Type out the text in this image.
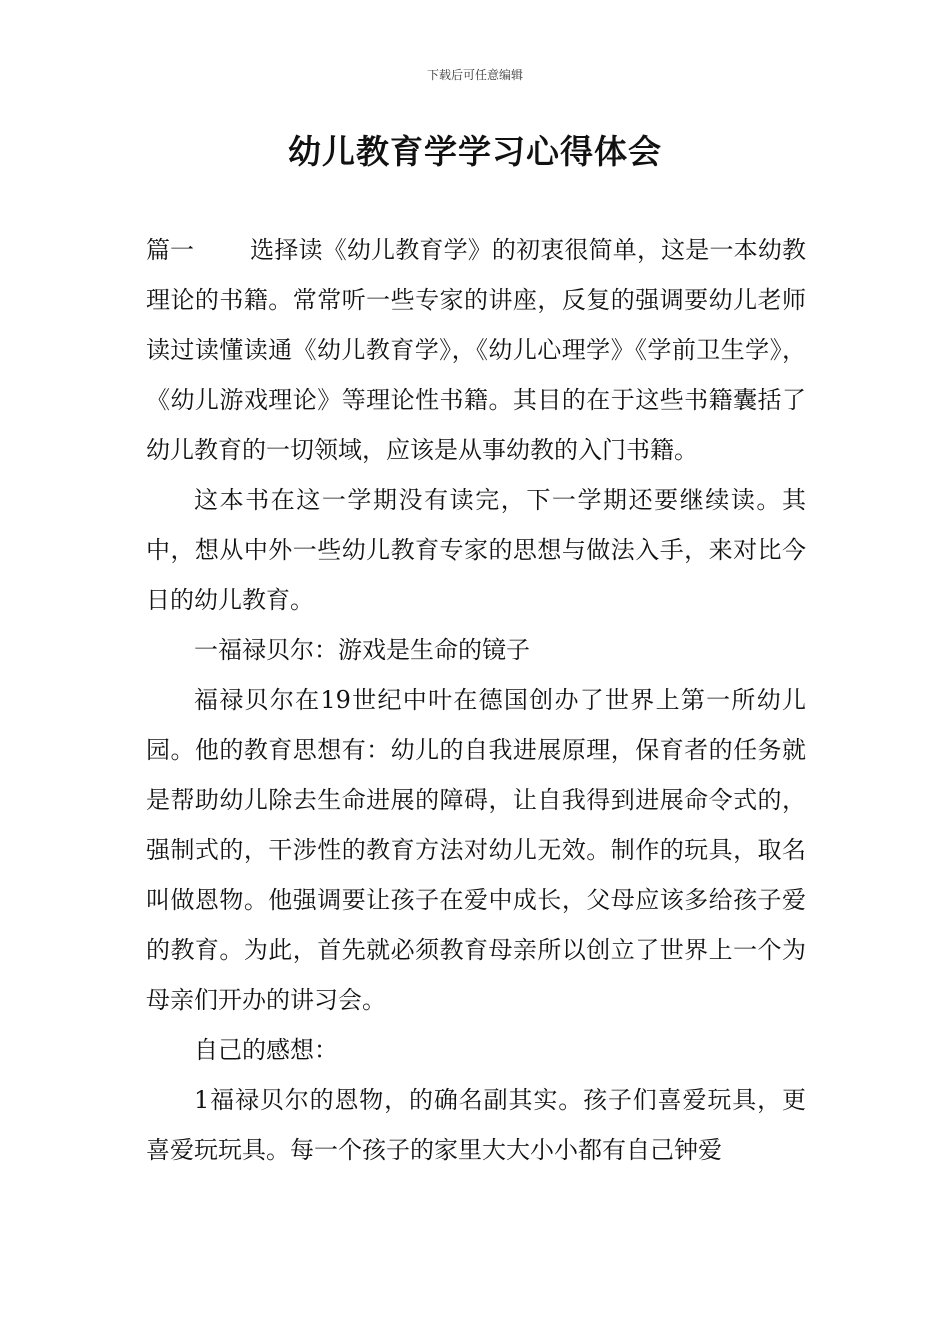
下载后可任意编辑
幼儿教育学学习心得体会

篇一 选择读《幼儿教育学》的初衷很简单，这是一本幼教理论的书籍。常常听一些专家的讲座，反复的强调要幼儿老师读过读懂读通《幼儿教育学》，《幼儿心理学》《学前卫生学》，《幼儿游戏理论》等理论性书籍。其目的在于这些书籍囊括了幼儿教育的一切领域，应该是从事幼教的入门书籍。

这本书在这一学期没有读完，下一学期还要继续读。其中，想从中外一些幼儿教育专家的思想与做法入手，来对比今日的幼儿教育。

一福禄贝尔：游戏是生命的镜子

福禄贝尔在19世纪中叶在德国创办了世界上第一所幼儿园。他的教育思想有：幼儿的自我进展原理，保育者的任务就是帮助幼儿除去生命进展的障碍，让自我得到进展命令式的，强制式的，干涉性的教育方法对幼儿无效。制作的玩具，取名叫做恩物。他强调要让孩子在爱中成长，父母应该多给孩子爱的教育。为此，首先就必须教育母亲所以创立了世界上一个为母亲们开办的讲习会。

自己的感想：

1福禄贝尔的恩物，的确名副其实。孩子们喜爱玩具，更喜爱玩玩具。每一个孩子的家里大大小小都有自己钟爱
